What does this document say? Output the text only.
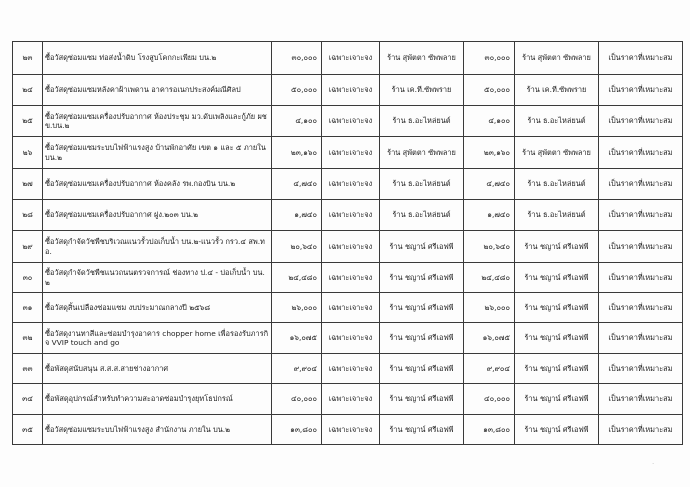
๒๓	ซื้อวัสดุซ่อมแซม ท่อส่งน้ำดิบ โรงสูบโคกกะเพียม บน.๒	๓๐,๐๐๐	เฉพาะเจาะจง	ร้าน สุพัตตา ซัพพลาย	๓๐,๐๐๐	ร้าน สุพัตตา ซัพพลาย	เป็นราคาที่เหมาะสม
๒๔	ซื้อวัสดุซ่อมแซมหลังคาฝ้าเพดาน อาคารอเนกประสงค์มณีศิลป	๕๐,๐๐๐	เฉพาะเจาะจง	ร้าน เค.ที.ซัพพราย	๕๐,๐๐๐	ร้าน เค.ที.ซัพพราย	เป็นราคาที่เหมาะสม
๒๕	ซื้อวัสดุซ่อมแซมเครื่องปรับอากาศ ห้องประชุม มว.ดับเพลิงและกู้ภัย ผชข.บน.๒	๔,๑๐๐	เฉพาะเจาะจง	ร้าน ธ.อะไหล่ยนต์	๔,๑๐๐	ร้าน ธ.อะไหล่ยนต์	เป็นราคาที่เหมาะสม
๒๖	ซื้อวัสดุซ่อมแซมระบบไฟฟ้าแรงสูง บ้านพักอาศัย เขต ๑ และ ๕ ภายใน บน.๒	๒๓,๑๖๐	เฉพาะเจาะจง	ร้าน สุพัตตา ซัพพลาย	๒๓,๑๖๐	ร้าน สุพัตตา ซัพพลาย	เป็นราคาที่เหมาะสม
๒๗	ซื้อวัสดุซ่อมแซมเครื่องปรับอากาศ ห้องคลัง รพ.กองบิน บน.๒	๔,๗๔๐	เฉพาะเจาะจง	ร้าน ธ.อะไหล่ยนต์	๔,๗๔๐	ร้าน ธ.อะไหล่ยนต์	เป็นราคาที่เหมาะสม
๒๘	ซื้อวัสดุซ่อมแซมเครื่องปรับอากาศ ฝูง.๒๐๓ บน.๒	๑,๗๔๐	เฉพาะเจาะจง	ร้าน ธ.อะไหล่ยนต์	๑,๗๔๐	ร้าน ธ.อะไหล่ยนต์	เป็นราคาที่เหมาะสม
๒๙	ซื้อวัสดุกำจัดวัชพืชบริเวณแนวรั้วบ่อเก็บน้ำ บน.๒-แนวรั้ว กรว.๔ สพ.ทอ.	๒๐,๖๔๐	เฉพาะเจาะจง	ร้าน ชญาน์ ศรีเอฟพี	๒๐,๖๔๐	ร้าน ชญาน์ ศรีเอฟพี	เป็นราคาที่เหมาะสม
๓๐	ซื้อวัสดุกำจัดวัชพืชแนวถนนตรวจการณ์ ช่องทาง ป.๔ - บ่อเก็บน้ำ บน.๒	๒๔,๔๘๐	เฉพาะเจาะจง	ร้าน ชญาน์ ศรีเอฟพี	๒๔,๔๘๐	ร้าน ชญาน์ ศรีเอฟพี	เป็นราคาที่เหมาะสม
๓๑	ซื้อวัสดุสิ้นเปลืองซ่อมแซม งบประมาณกลางปี ๒๕๖๘	๒๖,๐๐๐	เฉพาะเจาะจง	ร้าน ชญาน์ ศรีเอฟพี	๒๖,๐๐๐	ร้าน ชญาน์ ศรีเอฟพี	เป็นราคาที่เหมาะสม
๓๒	ซื้อวัสดุงานทาสีและซ่อมบำรุงอาคาร chopper home เพื่อรองรับภารกิจ VVIP touch and go	๑๖,๐๗๕	เฉพาะเจาะจง	ร้าน ชญาน์ ศรีเอฟพี	๑๖,๐๗๕	ร้าน ชญาน์ ศรีเอฟพี	เป็นราคาที่เหมาะสม
๓๓	ซื้อพัสดุสนับสนุน ส.ส.ส.สายช่างอากาศ	๙,๙๐๔	เฉพาะเจาะจง	ร้าน ชญาน์ ศรีเอฟพี	๙,๙๐๔	ร้าน ชญาน์ ศรีเอฟพี	เป็นราคาที่เหมาะสม
๓๔	ซื้อพัสดุอุปกรณ์สำหรับทำความสะอาดซ่อมบำรุงยุทโธปกรณ์	๔๐,๐๐๐	เฉพาะเจาะจง	ร้าน ชญาน์ ศรีเอฟพี	๔๐,๐๐๐	ร้าน ชญาน์ ศรีเอฟพี	เป็นราคาที่เหมาะสม
๓๕	ซื้อวัสดุซ่อมแซมระบบไฟฟ้าแรงสูง สำนักงาน ภายใน บน.๒	๑๓,๘๐๐	เฉพาะเจาะจง	ร้าน ชญาน์ ศรีเอฟพี	๑๓,๘๐๐	ร้าน ชญาน์ ศรีเอฟพี	เป็นราคาที่เหมาะสม
.
